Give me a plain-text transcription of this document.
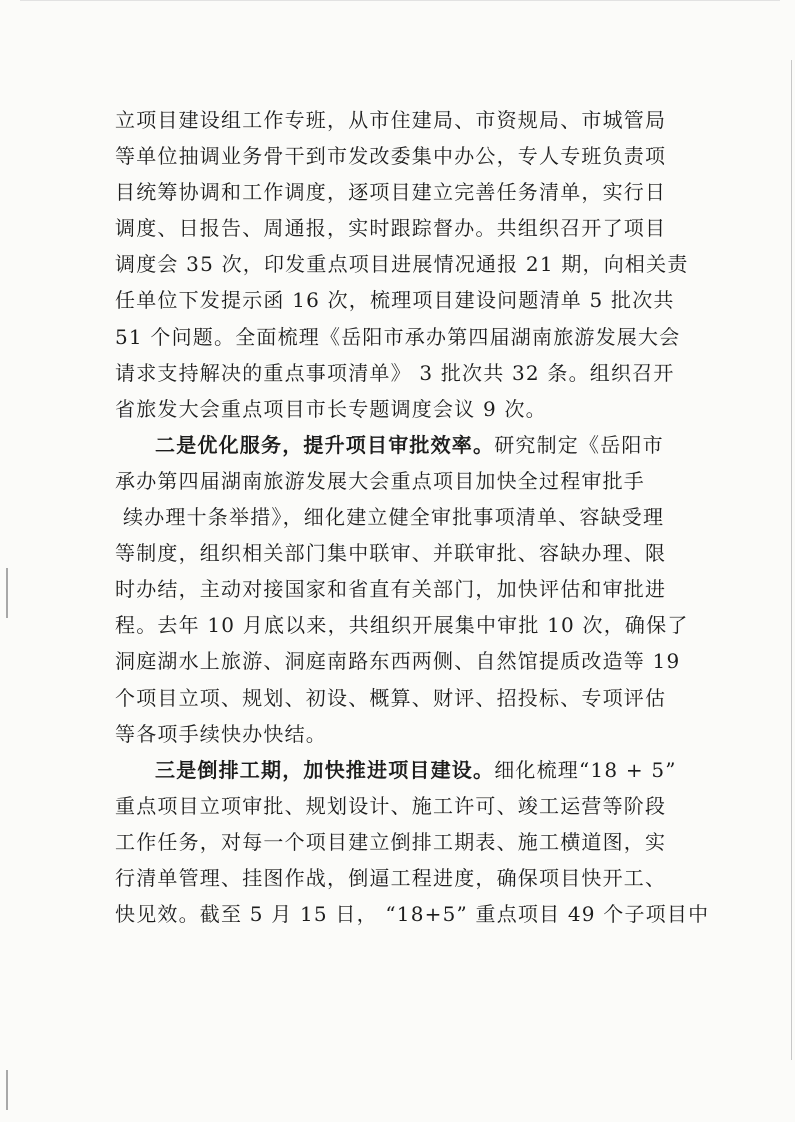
立项目建设组工作专班，从市住建局、市资规局、市城管局
等单位抽调业务骨干到市发改委集中办公，专人专班负责项
目统筹协调和工作调度，逐项目建立完善任务清单，实行日
调度、日报告、周通报，实时跟踪督办。共组织召开了项目
调度会 35 次，印发重点项目进展情况通报 21 期，向相关责
任单位下发提示函 16 次，梳理项目建设问题清单 5 批次共
51 个问题。全面梳理《岳阳市承办第四届湖南旅游发展大会
请求支持解决的重点事项清单》 3 批次共 32 条。组织召开
省旅发大会重点项目市长专题调度会议 9 次。
二是优化服务，提升项目审批效率。研究制定《岳阳市
承办第四届湖南旅游发展大会重点项目加快全过程审批手
续办理十条举措》，细化建立健全审批事项清单、容缺受理
等制度，组织相关部门集中联审、并联审批、容缺办理、限
时办结，主动对接国家和省直有关部门，加快评估和审批进
程。去年 10 月底以来，共组织开展集中审批 10 次，确保了
洞庭湖水上旅游、洞庭南路东西两侧、自然馆提质改造等 19
个项目立项、规划、初设、概算、财评、招投标、专项评估
等各项手续快办快结。
三是倒排工期，加快推进项目建设。细化梳理“18 + 5”
重点项目立项审批、规划设计、施工许可、竣工运营等阶段
工作任务，对每一个项目建立倒排工期表、施工横道图，实
行清单管理、挂图作战，倒逼工程进度，确保项目快开工、
快见效。截至 5 月 15 日， “18+5” 重点项目 49 个子项目中
